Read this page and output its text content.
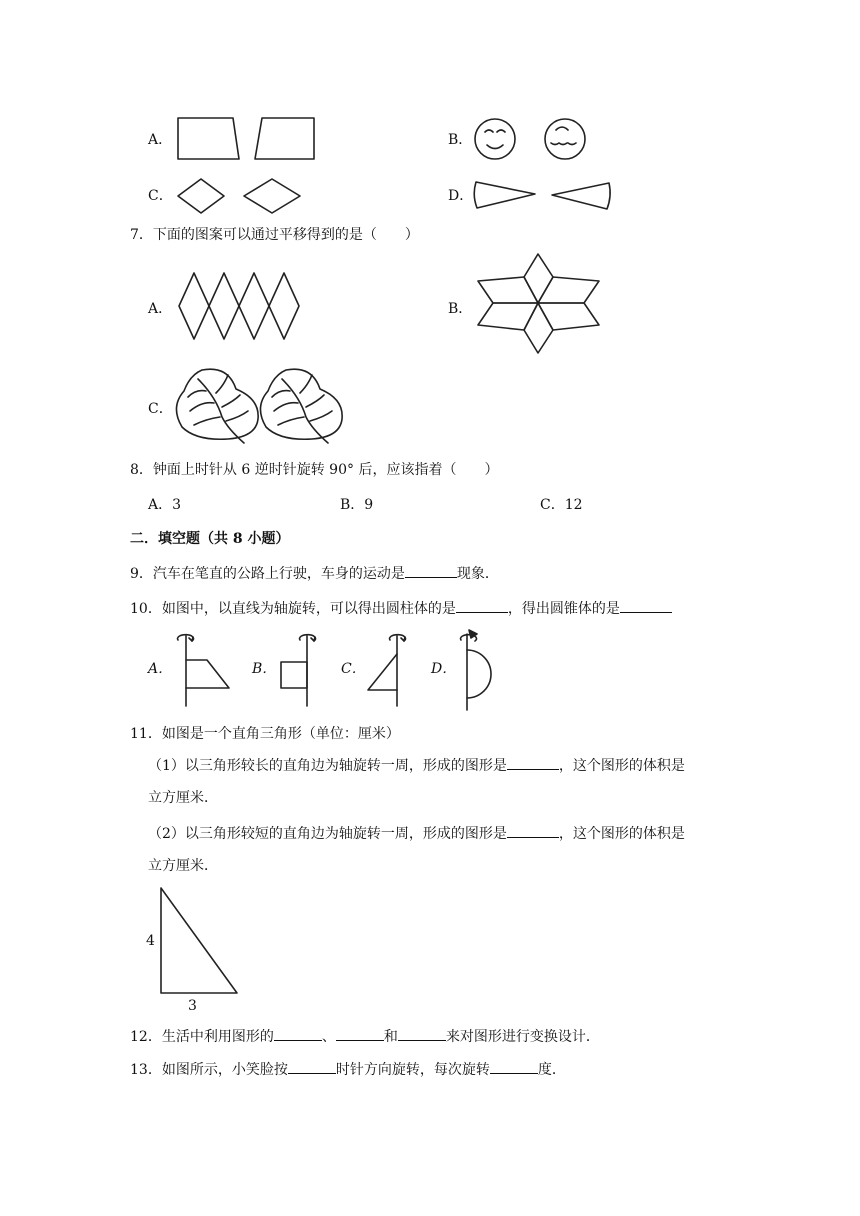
A．	B．
C．	D．
7．下面的图案可以通过平移得到的是（　　）
A．	B．
C．
8．钟面上时针从 6 逆时针旋转 90° 后，应该指着（　　）
A．3	B．9	C．12
二．填空题（共 8 小题）
9．汽车在笔直的公路上行驶，车身的运动是	现象．
10．如图中，以直线为轴旋转，可以得出圆柱体的是	，得出圆锥体的是
A．	B．	C．	D．
11．如图是一个直角三角形（单位：厘米）
（1）以三角形较长的直角边为轴旋转一周，形成的图形是	，这个图形的体积是
立方厘米．
（2）以三角形较短的直角边为轴旋转一周，形成的图形是	，这个图形的体积是
立方厘米．
4
3
12．生活中利用图形的	、	和	来对图形进行变换设计．
13．如图所示，小笑脸按	时针方向旋转，每次旋转	度．
